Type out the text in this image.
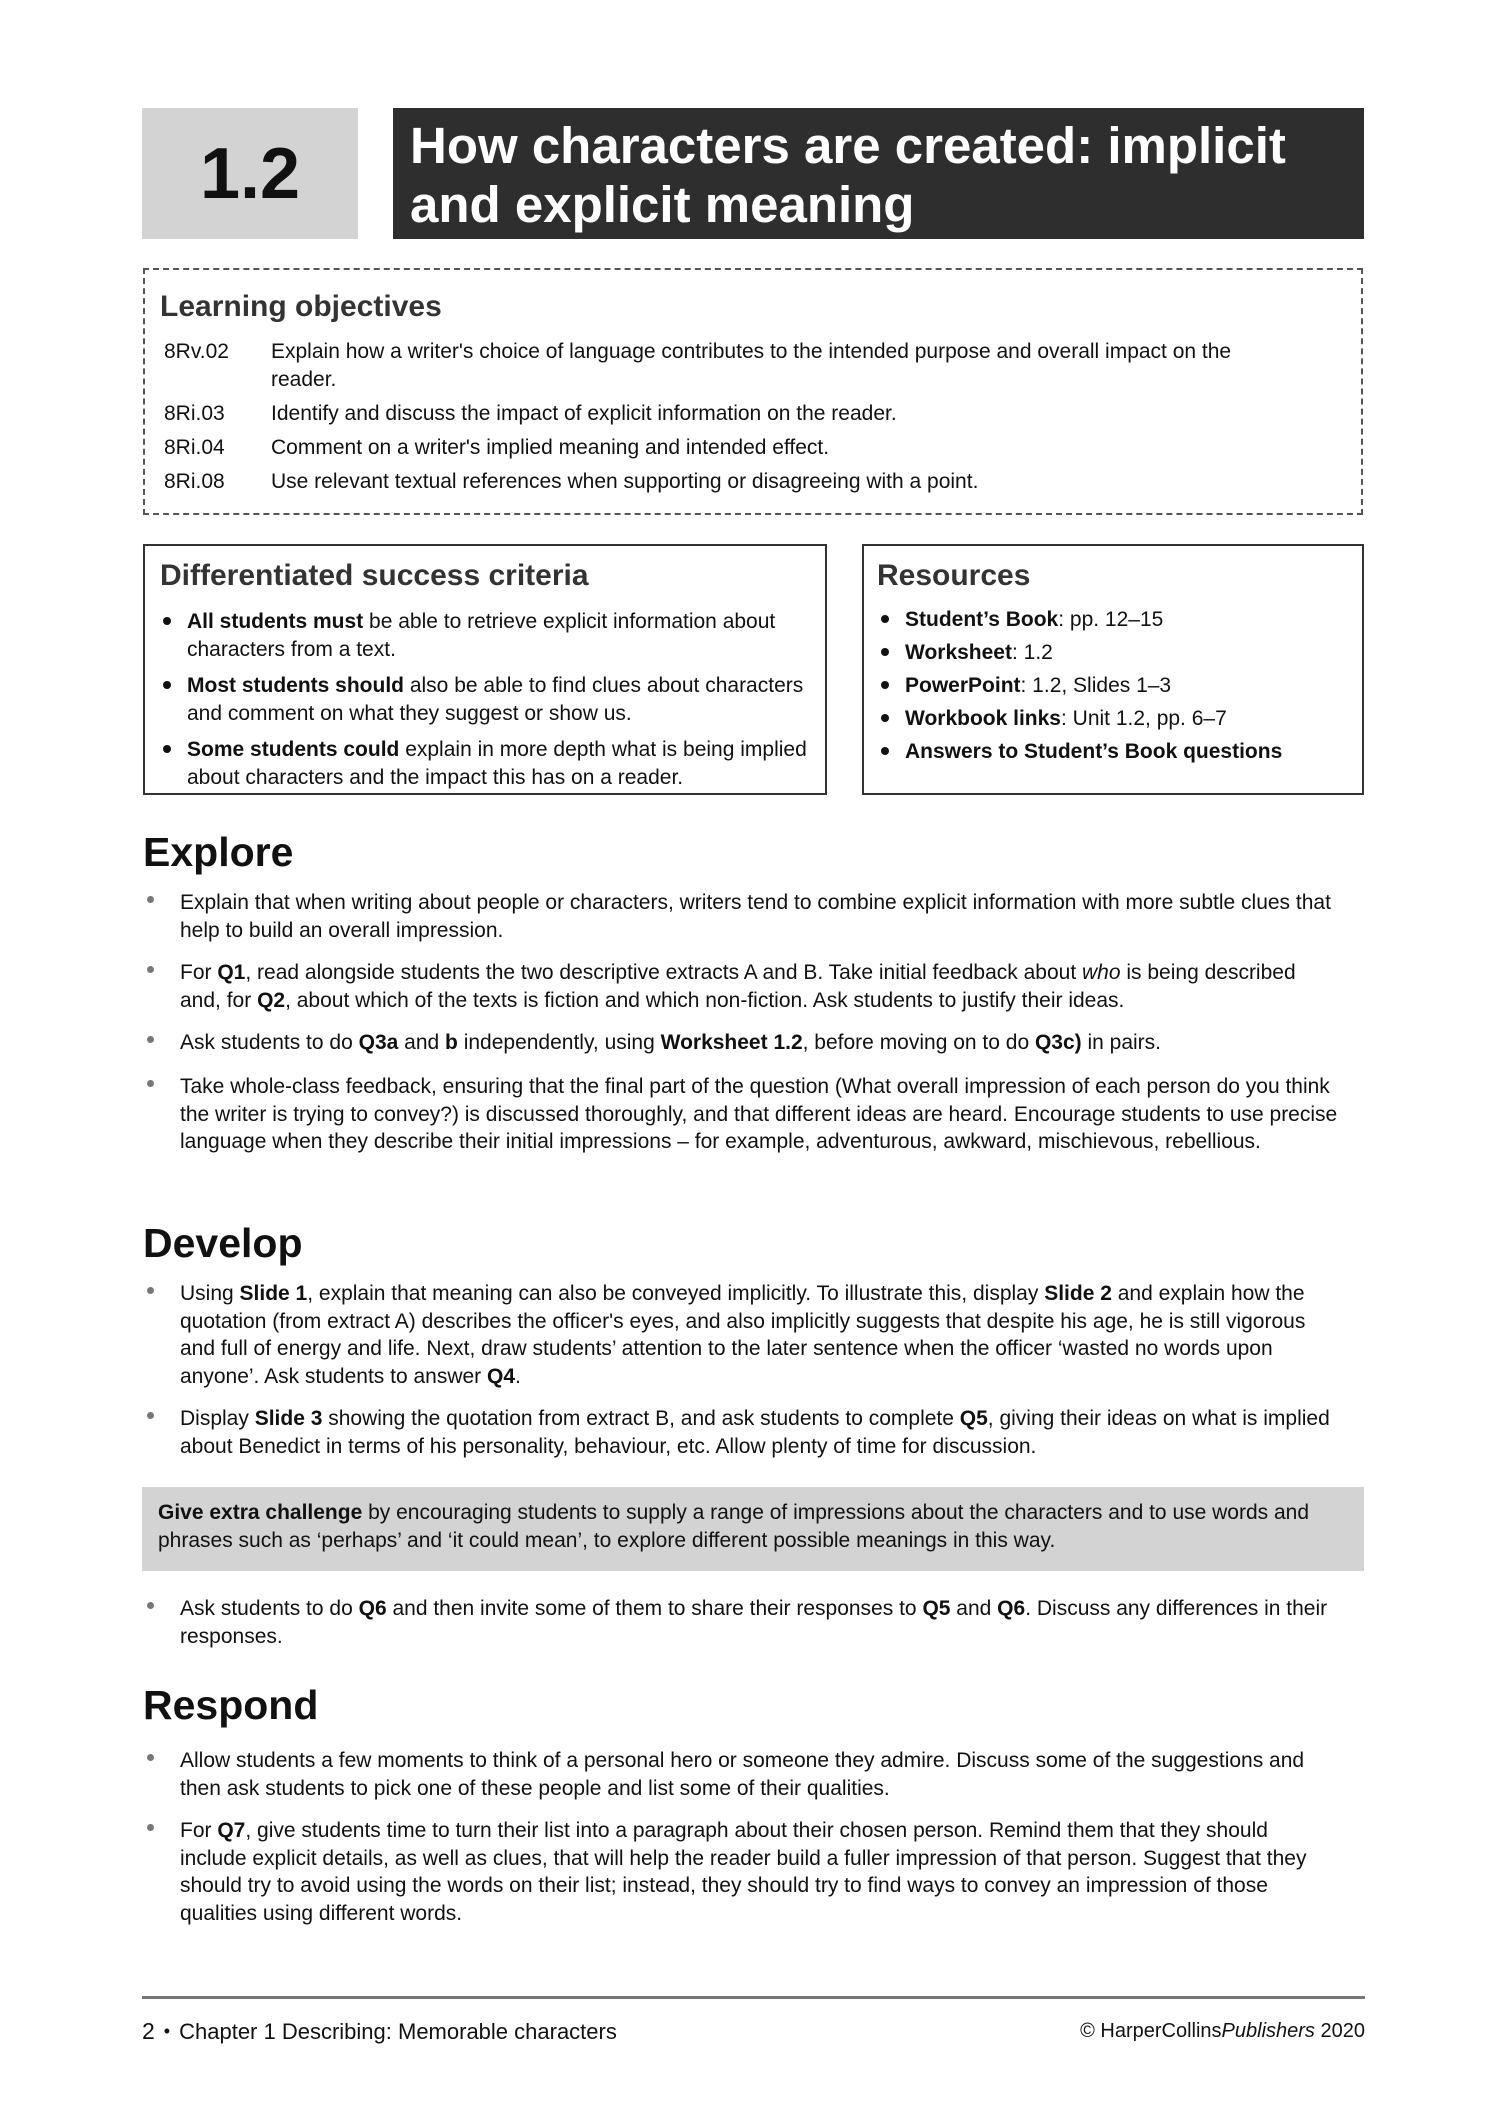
1.2	How characters are created: implicit
and explicit meaning
Learning objectives
8Rv.02	Explain how a writer's choice of language contributes to the intended purpose and overall impact on the reader.
8Ri.03	Identify and discuss the impact of explicit information on the reader.
8Ri.04	Comment on a writer's implied meaning and intended effect.
8Ri.08	Use relevant textual references when supporting or disagreeing with a point.
Differentiated success criteria
All students must be able to retrieve explicit information about characters from a text.
Most students should also be able to find clues about characters and comment on what they suggest or show us.
Some students could explain in more depth what is being implied about characters and the impact this has on a reader.
Resources
Student’s Book: pp. 12–15
Worksheet: 1.2
PowerPoint: 1.2, Slides 1–3
Workbook links: Unit 1.2, pp. 6–7
Answers to Student’s Book questions
Explore
Explain that when writing about people or characters, writers tend to combine explicit information with more subtle clues that help to build an overall impression.
For Q1, read alongside students the two descriptive extracts A and B. Take initial feedback about who is being described and, for Q2, about which of the texts is fiction and which non-fiction. Ask students to justify their ideas.
Ask students to do Q3a and b independently, using Worksheet 1.2, before moving on to do Q3c) in pairs.
Take whole-class feedback, ensuring that the final part of the question (What overall impression of each person do you think the writer is trying to convey?) is discussed thoroughly, and that different ideas are heard. Encourage students to use precise language when they describe their initial impressions – for example, adventurous, awkward, mischievous, rebellious.
Develop
Using Slide 1, explain that meaning can also be conveyed implicitly. To illustrate this, display Slide 2 and explain how the quotation (from extract A) describes the officer's eyes, and also implicitly suggests that despite his age, he is still vigorous and full of energy and life. Next, draw students’ attention to the later sentence when the officer ‘wasted no words upon anyone’. Ask students to answer Q4.
Display Slide 3 showing the quotation from extract B, and ask students to complete Q5, giving their ideas on what is implied about Benedict in terms of his personality, behaviour, etc. Allow plenty of time for discussion.
Give extra challenge by encouraging students to supply a range of impressions about the characters and to use words and phrases such as ‘perhaps’ and ‘it could mean’, to explore different possible meanings in this way.
Ask students to do Q6 and then invite some of them to share their responses to Q5 and Q6. Discuss any differences in their responses.
Respond
Allow students a few moments to think of a personal hero or someone they admire. Discuss some of the suggestions and then ask students to pick one of these people and list some of their qualities.
For Q7, give students time to turn their list into a paragraph about their chosen person. Remind them that they should include explicit details, as well as clues, that will help the reader build a fuller impression of that person. Suggest that they should try to avoid using the words on their list; instead, they should try to find ways to convey an impression of those qualities using different words.
2 • Chapter 1 Describing: Memorable characters	© HarperCollinsPublishers 2020
